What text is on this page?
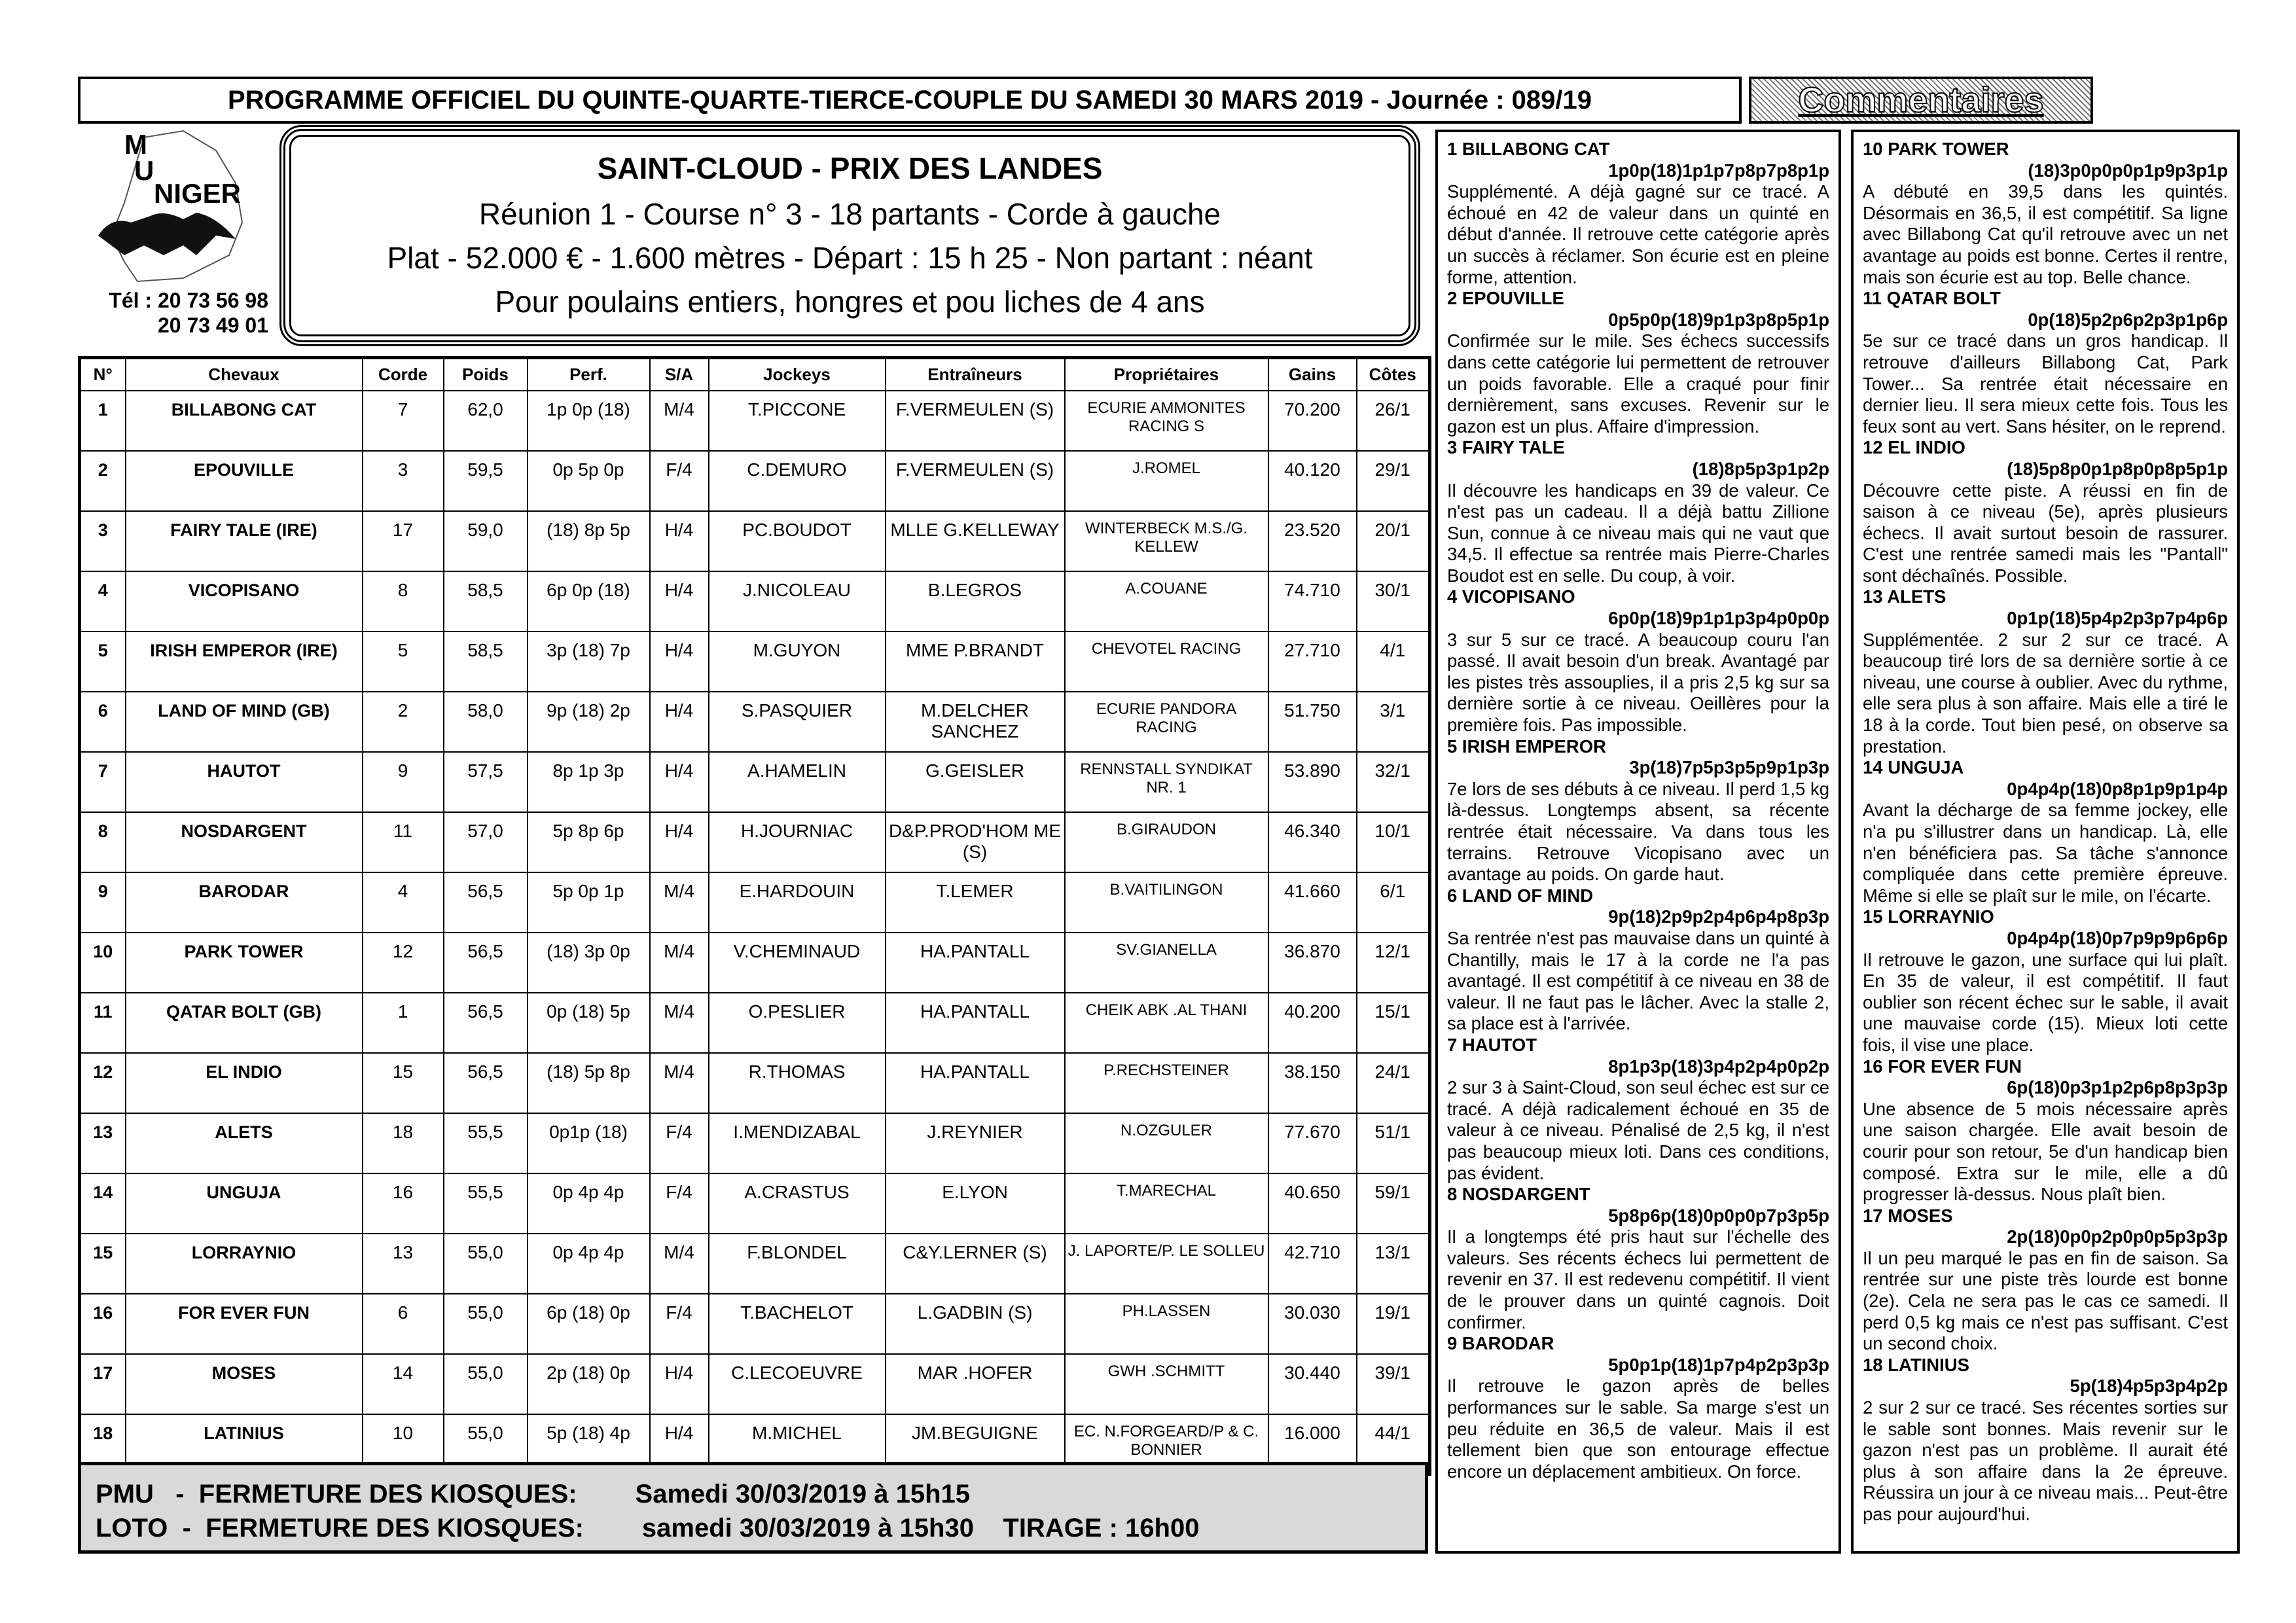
PROGRAMME OFFICIEL DU QUINTE-QUARTE-TIERCE-COUPLE DU SAMEDI 30 MARS 2019 - Journée : 089/19	Commentaires
M
U
NIGER
Tél : 20 73 56 98
20 73 49 01
SAINT-CLOUD - PRIX DES LANDES
Réunion 1 - Course n° 3 - 18 partants - Corde à gauche
Plat - 52.000 € - 1.600 mètres - Départ : 15 h 25 - Non partant : néant
Pour poulains entiers, hongres et pou liches de 4 ans
N°	Chevaux	Corde	Poids	Perf.	S/A	Jockeys	Entraîneurs	Propriétaires	Gains	Côtes
1	BILLABONG CAT	7	62,0	1p 0p (18)	M/4	T.PICCONE	F.VERMEULEN (S)	ECURIE AMMONITES RACING S	70.200	26/1
2	EPOUVILLE	3	59,5	0p 5p 0p	F/4	C.DEMURO	F.VERMEULEN (S)	J.ROMEL	40.120	29/1
3	FAIRY TALE (IRE)	17	59,0	(18) 8p 5p	H/4	PC.BOUDOT	MLLE G.KELLEWAY	WINTERBECK M.S./G. KELLEW	23.520	20/1
4	VICOPISANO	8	58,5	6p 0p (18)	H/4	J.NICOLEAU	B.LEGROS	A.COUANE	74.710	30/1
5	IRISH EMPEROR (IRE)	5	58,5	3p (18) 7p	H/4	M.GUYON	MME P.BRANDT	CHEVOTEL RACING	27.710	4/1
6	LAND OF MIND (GB)	2	58,0	9p (18) 2p	H/4	S.PASQUIER	M.DELCHER SANCHEZ	ECURIE PANDORA RACING	51.750	3/1
7	HAUTOT	9	57,5	8p 1p 3p	H/4	A.HAMELIN	G.GEISLER	RENNSTALL SYNDIKAT NR. 1	53.890	32/1
8	NOSDARGENT	11	57,0	5p 8p 6p	H/4	H.JOURNIAC	D&P.PROD'HOM ME (S)	B.GIRAUDON	46.340	10/1
9	BARODAR	4	56,5	5p 0p 1p	M/4	E.HARDOUIN	T.LEMER	B.VAITILINGON	41.660	6/1
10	PARK TOWER	12	56,5	(18) 3p 0p	M/4	V.CHEMINAUD	HA.PANTALL	SV.GIANELLA	36.870	12/1
11	QATAR BOLT (GB)	1	56,5	0p (18) 5p	M/4	O.PESLIER	HA.PANTALL	CHEIK ABK .AL THANI	40.200	15/1
12	EL INDIO	15	56,5	(18) 5p 8p	M/4	R.THOMAS	HA.PANTALL	P.RECHSTEINER	38.150	24/1
13	ALETS	18	55,5	0p1p (18)	F/4	I.MENDIZABAL	J.REYNIER	N.OZGULER	77.670	51/1
14	UNGUJA	16	55,5	0p 4p 4p	F/4	A.CRASTUS	E.LYON	T.MARECHAL	40.650	59/1
15	LORRAYNIO	13	55,0	0p 4p 4p	M/4	F.BLONDEL	C&Y.LERNER (S)	J. LAPORTE/P. LE SOLLEU	42.710	13/1
16	FOR EVER FUN	6	55,0	6p (18) 0p	F/4	T.BACHELOT	L.GADBIN (S)	PH.LASSEN	30.030	19/1
17	MOSES	14	55,0	2p (18) 0p	H/4	C.LECOEUVRE	MAR .HOFER	GWH .SCHMITT	30.440	39/1
18	LATINIUS	10	55,0	5p (18) 4p	H/4	M.MICHEL	JM.BEGUIGNE	EC. N.FORGEARD/P & C. BONNIER	16.000	44/1
PMU   -  FERMETURE DES KIOSQUES:        Samedi 30/03/2019 à 15h15
LOTO  -  FERMETURE DES KIOSQUES:        samedi 30/03/2019 à 15h30    TIRAGE : 16h00
1 BILLABONG CAT
1p0p(18)1p1p7p8p7p8p1p
Supplémenté. A déjà gagné sur ce tracé. A échoué en 42 de valeur dans un quinté en début d'année. Il retrouve cette catégorie après un succès à réclamer. Son écurie est en pleine forme, attention.
2 EPOUVILLE
0p5p0p(18)9p1p3p8p5p1p
Confirmée sur le mile. Ses échecs successifs dans cette catégorie lui permettent de retrouver un poids favorable. Elle a craqué pour finir dernièrement, sans excuses. Revenir sur le gazon est un plus. Affaire d'impression.
3 FAIRY TALE
(18)8p5p3p1p2p
Il découvre les handicaps en 39 de valeur. Ce n'est pas un cadeau. Il a déjà battu Zillione Sun, connue à ce niveau mais qui ne vaut que 34,5. Il effectue sa rentrée mais Pierre-Charles Boudot est en selle. Du coup, à voir.
4 VICOPISANO
6p0p(18)9p1p1p3p4p0p0p
3 sur 5 sur ce tracé. A beaucoup couru l'an passé. Il avait besoin d'un break. Avantagé par les pistes très assouplies, il a pris 2,5 kg sur sa dernière sortie à ce niveau. Oeillères pour la première fois. Pas impossible.
5 IRISH EMPEROR
3p(18)7p5p3p5p9p1p3p
7e lors de ses débuts à ce niveau. Il perd 1,5 kg là-dessus. Longtemps absent, sa récente rentrée était nécessaire. Va dans tous les terrains. Retrouve Vicopisano avec un avantage au poids. On garde haut.
6 LAND OF MIND
9p(18)2p9p2p4p6p4p8p3p
Sa rentrée n'est pas mauvaise dans un quinté à Chantilly, mais le 17 à la corde ne l'a pas avantagé. Il est compétitif à ce niveau en 38 de valeur. Il ne faut pas le lâcher. Avec la stalle 2, sa place est à l'arrivée.
7 HAUTOT
8p1p3p(18)3p4p2p4p0p2p
2 sur 3 à Saint-Cloud, son seul échec est sur ce tracé. A déjà radicalement échoué en 35 de valeur à ce niveau. Pénalisé de 2,5 kg, il n'est pas beaucoup mieux loti. Dans ces conditions, pas évident.
8 NOSDARGENT
5p8p6p(18)0p0p0p7p3p5p
Il a longtemps été pris haut sur l'échelle des valeurs. Ses récents échecs lui permettent de revenir en 37. Il est redevenu compétitif. Il vient de le prouver dans un quinté cagnois. Doit confirmer.
9 BARODAR
5p0p1p(18)1p7p4p2p3p3p
Il retrouve le gazon après de belles performances sur le sable. Sa marge s'est un peu réduite en 36,5 de valeur. Mais il est tellement bien que son entourage effectue encore un déplacement ambitieux. On force.
10 PARK TOWER
(18)3p0p0p0p1p9p3p1p
A débuté en 39,5 dans les quintés. Désormais en 36,5, il est compétitif. Sa ligne avec Billabong Cat qu'il retrouve avec un net avantage au poids est bonne. Certes il rentre, mais son écurie est au top. Belle chance.
11 QATAR BOLT
0p(18)5p2p6p2p3p1p6p
5e sur ce tracé dans un gros handicap. Il retrouve d'ailleurs Billabong Cat, Park Tower... Sa rentrée était nécessaire en dernier lieu. Il sera mieux cette fois. Tous les feux sont au vert. Sans hésiter, on le reprend.
12 EL INDIO
(18)5p8p0p1p8p0p8p5p1p
Découvre cette piste. A réussi en fin de saison à ce niveau (5e), après plusieurs échecs. Il avait surtout besoin de rassurer. C'est une rentrée samedi mais les "Pantall" sont déchaînés. Possible.
13 ALETS
0p1p(18)5p4p2p3p7p4p6p
Supplémentée. 2 sur 2 sur ce tracé. A beaucoup tiré lors de sa dernière sortie à ce niveau, une course à oublier. Avec du rythme, elle sera plus à son affaire. Mais elle a tiré le 18 à la corde. Tout bien pesé, on observe sa prestation.
14 UNGUJA
0p4p4p(18)0p8p1p9p1p4p
Avant la décharge de sa femme jockey, elle n'a pu s'illustrer dans un handicap. Là, elle n'en bénéficiera pas. Sa tâche s'annonce compliquée dans cette première épreuve. Même si elle se plaît sur le mile, on l'écarte.
15 LORRAYNIO
0p4p4p(18)0p7p9p9p6p6p
Il retrouve le gazon, une surface qui lui plaît. En 35 de valeur, il est compétitif. Il faut oublier son récent échec sur le sable, il avait une mauvaise corde (15). Mieux loti cette fois, il vise une place.
16 FOR EVER FUN
6p(18)0p3p1p2p6p8p3p3p
Une absence de 5 mois nécessaire après une saison chargée. Elle avait besoin de courir pour son retour, 5e d'un handicap bien composé. Extra sur le mile, elle a dû progresser là-dessus. Nous plaît bien.
17 MOSES
2p(18)0p0p2p0p0p5p3p3p
Il un peu marqué le pas en fin de saison. Sa rentrée sur une piste très lourde est bonne (2e). Cela ne sera pas le cas ce samedi. Il perd 0,5 kg mais ce n'est pas suffisant. C'est un second choix.
18 LATINIUS
5p(18)4p5p3p4p2p
2 sur 2 sur ce tracé. Ses récentes sorties sur le sable sont bonnes. Mais revenir sur le gazon n'est pas un problème. Il aurait été plus à son affaire dans la 2e épreuve. Réussira un jour à ce niveau mais... Peut-être pas pour aujourd'hui.
